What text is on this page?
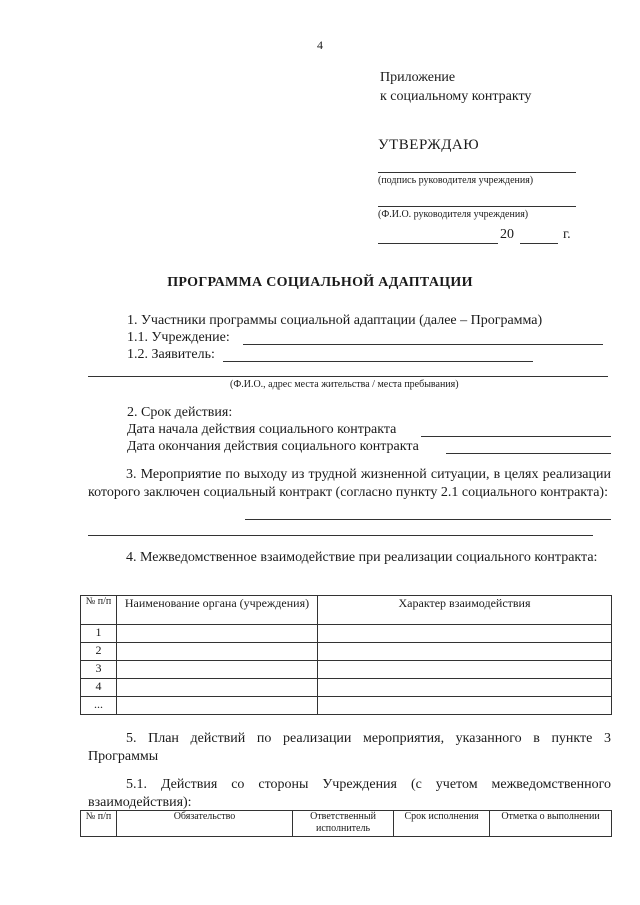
4
Приложение
к социальному контракту
УТВЕРЖДАЮ
(подпись руководителя учреждения)
(Ф.И.О. руководителя учреждения)
20	г.
ПРОГРАММА СОЦИАЛЬНОЙ АДАПТАЦИИ
1. Участники программы социальной адаптации (далее – Программа)
1.1. Учреждение:
1.2. Заявитель:
(Ф.И.О., адрес места жительства / места пребывания)
2. Срок действия:
Дата начала действия социального контракта
Дата окончания действия социального контракта
3. Мероприятие по выходу из трудной жизненной ситуации, в целях реализации которого заключен социальный контракт (согласно пункту 2.1 социального контракта):
4. Межведомственное взаимодействие при реализации социального контракта:
№ п/п	Наименование органа (учреждения)	Характер взаимодействия
1		
2		
3		
4		
...		
5. План действий по реализации мероприятия, указанного в пункте 3 Программы
5.1. Действия со стороны Учреждения (с учетом межведомственного взаимодействия):
№ п/п	Обязательство	Ответственный исполнитель	Срок исполнения	Отметка о выполнении
